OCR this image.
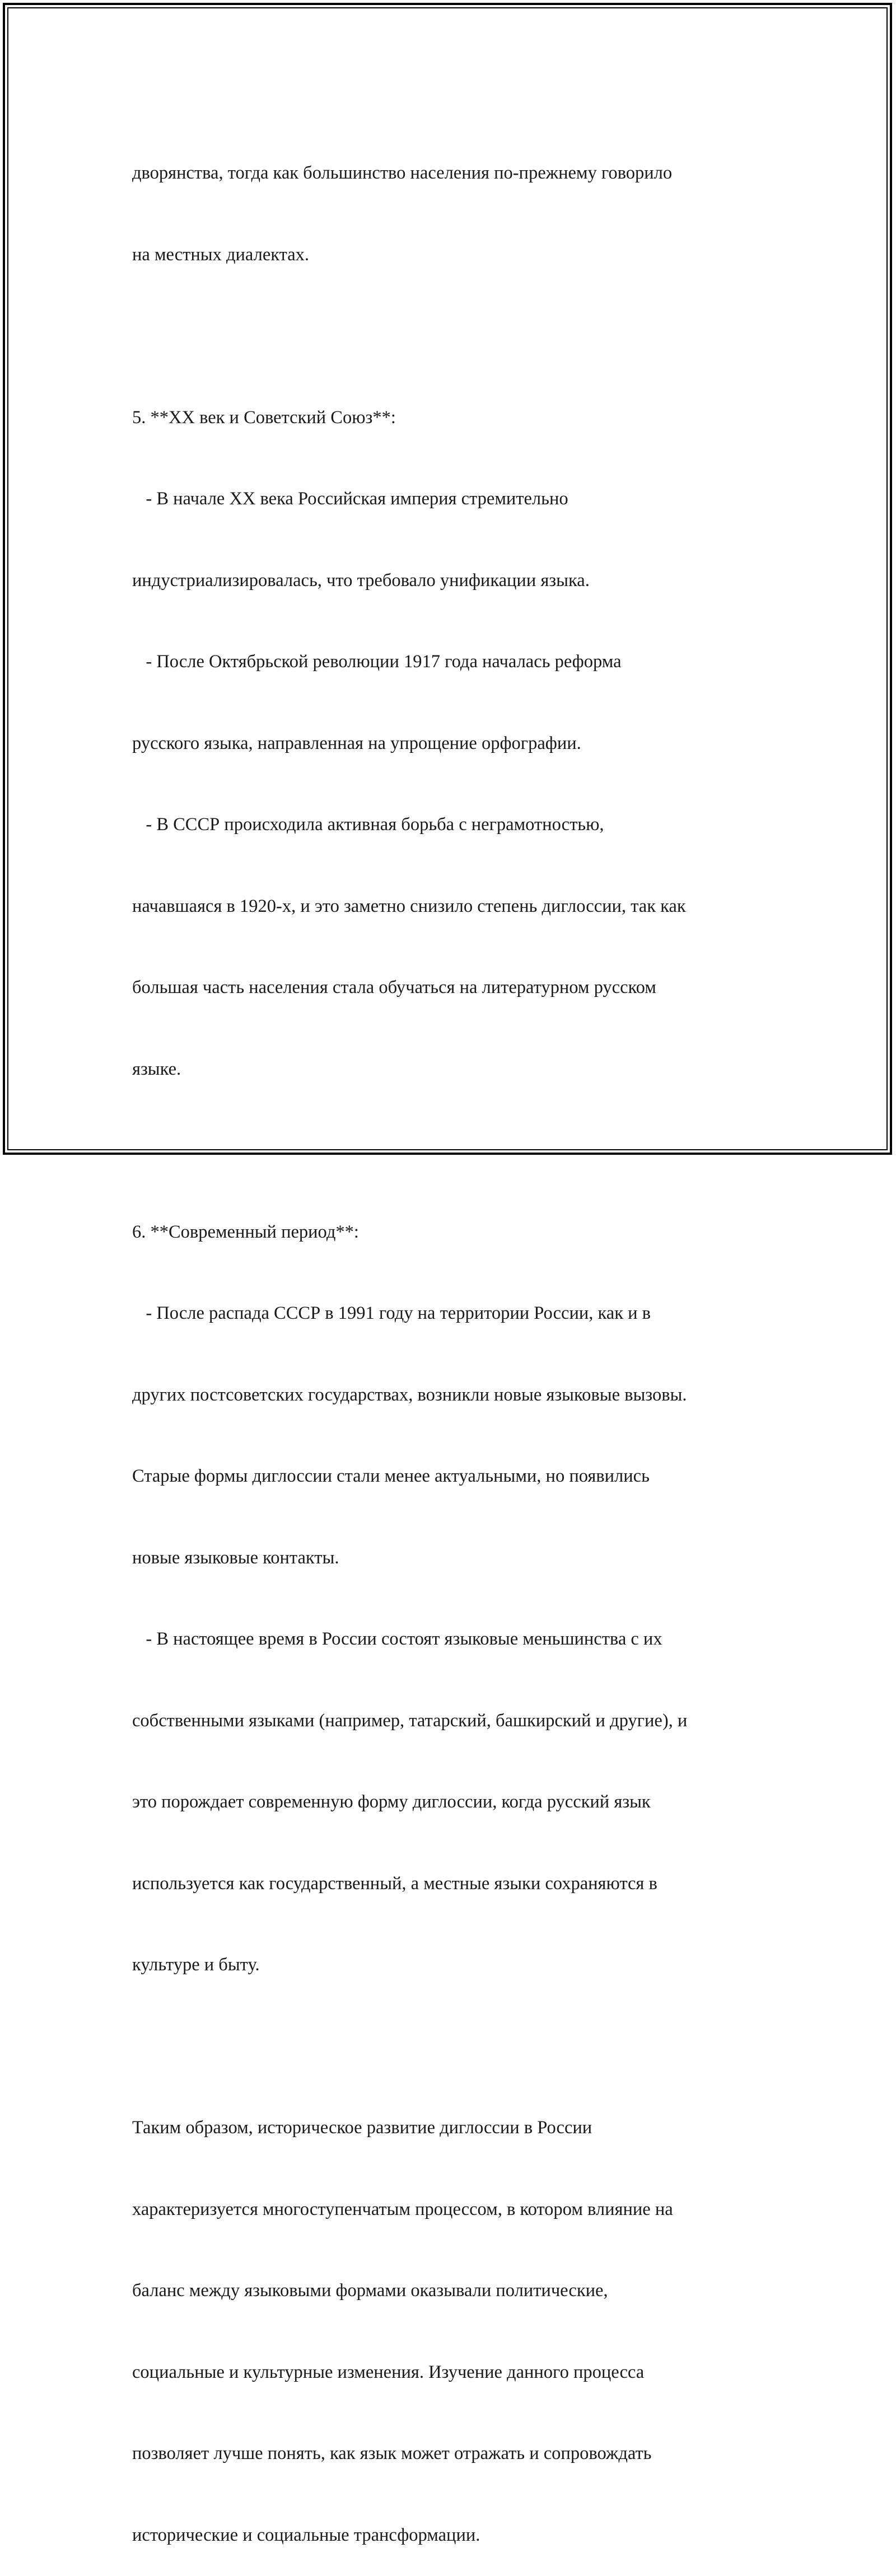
дворянства, тогда как большинство населения по-прежнему говорило

на местных диалектах.

5. **XX век и Советский Союз**:

- В начале XX века Российская империя стремительно

индустриализировалась, что требовало унификации языка.

- После Октябрьской революции 1917 года началась реформа

русского языка, направленная на упрощение орфографии.

- В СССР происходила активная борьба с неграмотностью,

начавшаяся в 1920-х, и это заметно снизило степень диглоссии, так как

большая часть населения стала обучаться на литературном русском

языке.

6. **Современный период**:

- После распада СССР в 1991 году на территории России, как и в

других постсоветских государствах, возникли новые языковые вызовы.

Старые формы диглоссии стали менее актуальными, но появились

новые языковые контакты.

- В настоящее время в России состоят языковые меньшинства с их

собственными языками (например, татарский, башкирский и другие), и

это порождает современную форму диглоссии, когда русский язык

используется как государственный, а местные языки сохраняются в

культуре и быту.

Таким образом, историческое развитие диглоссии в России

характеризуется многоступенчатым процессом, в котором влияние на

баланс между языковыми формами оказывали политические,

социальные и культурные изменения. Изучение данного процесса

позволяет лучше понять, как язык может отражать и сопровождать

исторические и социальные трансформации.
